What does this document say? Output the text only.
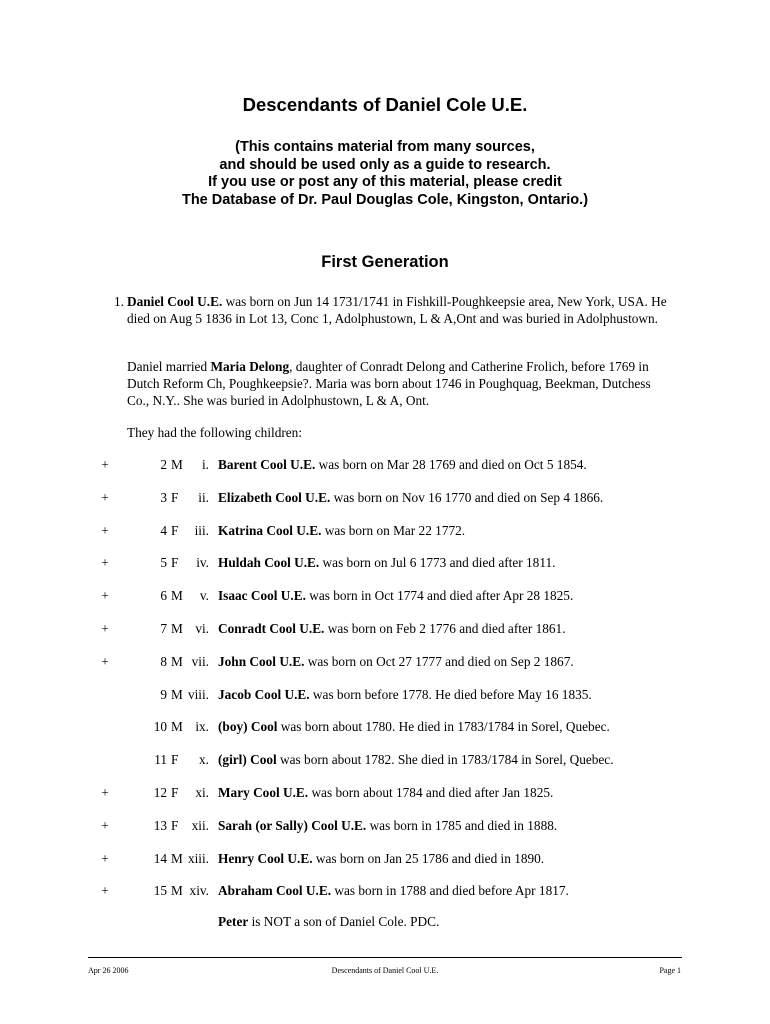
Descendants of Daniel Cole U.E.
(This contains material from many sources,
and should be used only as a guide to research.
If you use or post any of this material, please credit
The Database of Dr. Paul Douglas Cole, Kingston, Ontario.)
First Generation
1. Daniel Cool U.E. was born on Jun 14 1731/1741 in Fishkill-Poughkeepsie area, New York, USA. He died on Aug 5 1836 in Lot 13, Conc 1, Adolphustown, L & A,Ont and was buried in Adolphustown.
Daniel married Maria Delong, daughter of Conradt Delong and Catherine Frolich, before 1769 in Dutch Reform Ch, Poughkeepsie?. Maria was born about 1746 in Poughquag, Beekman, Dutchess Co., N.Y.. She was buried in Adolphustown, L & A, Ont.
They had the following children:
+	2 M	i. Barent Cool U.E. was born on Mar 28 1769 and died on Oct 5 1854.
+	3 F	ii. Elizabeth Cool U.E. was born on Nov 16 1770 and died on Sep 4 1866.
+	4 F	iii. Katrina Cool U.E. was born on Mar 22 1772.
+	5 F	iv. Huldah Cool U.E. was born on Jul 6 1773 and died after 1811.
+	6 M	v. Isaac Cool U.E. was born in Oct 1774 and died after Apr 28 1825.
+	7 M vi. Conradt Cool U.E. was born on Feb 2 1776 and died after 1861.
+	8 M vii. John Cool U.E. was born on Oct 27 1777 and died on Sep 2 1867.
9 M viii. Jacob Cool U.E. was born before 1778. He died before May 16 1835.
10 M ix. (boy) Cool was born about 1780. He died in 1783/1784 in Sorel, Quebec.
11 F	x. (girl) Cool was born about 1782. She died in 1783/1784 in Sorel, Quebec.
+	12 F	xi. Mary Cool U.E. was born about 1784 and died after Jan 1825.
+	13 F xii. Sarah (or Sally) Cool U.E. was born in 1785 and died in 1888.
+	14 M xiii. Henry Cool U.E. was born on Jan 25 1786 and died in 1890.
+	15 M xiv. Abraham Cool U.E. was born in 1788 and died before Apr 1817.
Peter is NOT a son of Daniel Cole. PDC.
Apr 26 2006	Descendants of Daniel Cool U.E.	Page 1
